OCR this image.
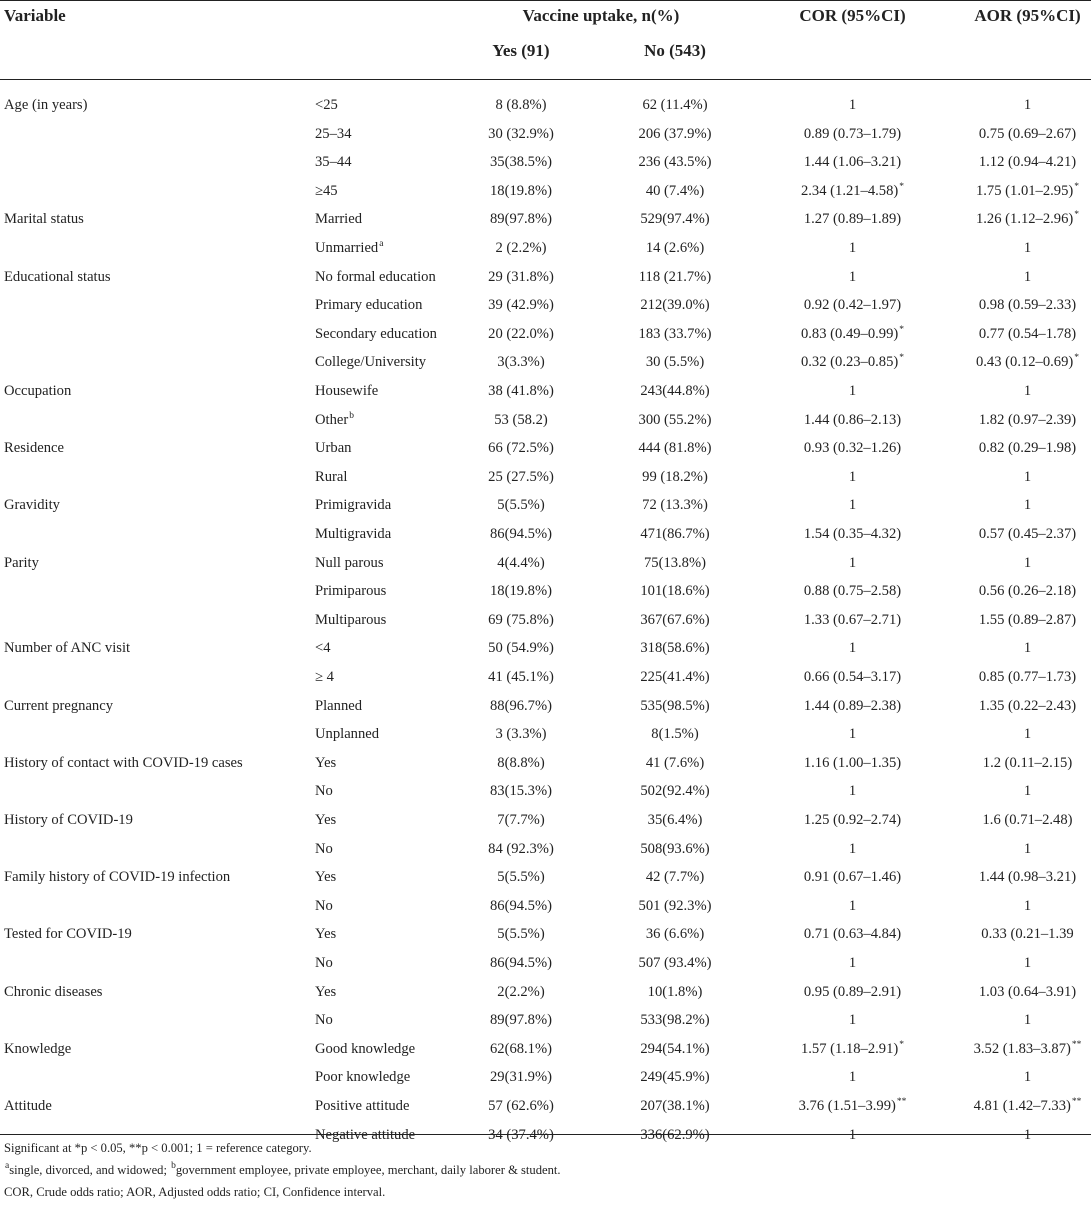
Variable	Vaccine uptake, n(%)	COR (95%CI)	AOR (95%CI)
Yes (91)	No (543)
Age (in years)	<25	8 (8.8%)	62 (11.4%)	1	1
25–34	30 (32.9%)	206 (37.9%)	0.89 (0.73–1.79)	0.75 (0.69–2.67)
35–44	35(38.5%)	236 (43.5%)	1.44 (1.06–3.21)	1.12 (0.94–4.21)
≥45	18(19.8%)	40 (7.4%)	2.34 (1.21–4.58)*	1.75 (1.01–2.95)*
Marital status	Married	89(97.8%)	529(97.4%)	1.27 (0.89–1.89)	1.26 (1.12–2.96)*
Unmarried$^a$	2 (2.2%)	14 (2.6%)	1	1
Educational status	No formal education	29 (31.8%)	118 (21.7%)	1	1
Primary education	39 (42.9%)	212(39.0%)	0.92 (0.42–1.97)	0.98 (0.59–2.33)
Secondary education	20 (22.0%)	183 (33.7%)	0.83 (0.49–0.99)*	0.77 (0.54–1.78)
College/University	3(3.3%)	30 (5.5%)	0.32 (0.23–0.85)*	0.43 (0.12–0.69)*
Occupation	Housewife	38 (41.8%)	243(44.8%)	1	1
Other$^b$	53 (58.2)	300 (55.2%)	1.44 (0.86–2.13)	1.82 (0.97–2.39)
Residence	Urban	66 (72.5%)	444 (81.8%)	0.93 (0.32–1.26)	0.82 (0.29–1.98)
Rural	25 (27.5%)	99 (18.2%)	1	1
Gravidity	Primigravida	5(5.5%)	72 (13.3%)	1	1
Multigravida	86(94.5%)	471(86.7%)	1.54 (0.35–4.32)	0.57 (0.45–2.37)
Parity	Null parous	4(4.4%)	75(13.8%)	1	1
Primiparous	18(19.8%)	101(18.6%)	0.88 (0.75–2.58)	0.56 (0.26–2.18)
Multiparous	69 (75.8%)	367(67.6%)	1.33 (0.67–2.71)	1.55 (0.89–2.87)
Number of ANC visit	<4	50 (54.9%)	318(58.6%)	1	1
≥ 4	41 (45.1%)	225(41.4%)	0.66 (0.54–3.17)	0.85 (0.77–1.73)
Current pregnancy	Planned	88(96.7%)	535(98.5%)	1.44 (0.89–2.38)	1.35 (0.22–2.43)
Unplanned	3 (3.3%)	8(1.5%)	1	1
History of contact with COVID-19 cases	Yes	8(8.8%)	41 (7.6%)	1.16 (1.00–1.35)	1.2 (0.11–2.15)
No	83(15.3%)	502(92.4%)	1	1
History of COVID-19	Yes	7(7.7%)	35(6.4%)	1.25 (0.92–2.74)	1.6 (0.71–2.48)
No	84 (92.3%)	508(93.6%)	1	1
Family history of COVID-19 infection	Yes	5(5.5%)	42 (7.7%)	0.91 (0.67–1.46)	1.44 (0.98–3.21)
No	86(94.5%)	501 (92.3%)	1	1
Tested for COVID-19	Yes	5(5.5%)	36 (6.6%)	0.71 (0.63–4.84)	0.33 (0.21–1.39
No	86(94.5%)	507 (93.4%)	1	1
Chronic diseases	Yes	2(2.2%)	10(1.8%)	0.95 (0.89–2.91)	1.03 (0.64–3.91)
No	89(97.8%)	533(98.2%)	1	1
Knowledge	Good knowledge	62(68.1%)	294(54.1%)	1.57 (1.18–2.91)*	3.52 (1.83–3.87)**
Poor knowledge	29(31.9%)	249(45.9%)	1	1
Attitude	Positive attitude	57 (62.6%)	207(38.1%)	3.76 (1.51–3.99)**	4.81 (1.42–7.33)**
Negative attitude	34 (37.4%)	336(62.9%)	1	1
Significant at *p < 0.05, **p < 0.001; 1 = reference category.
$^a$single, divorced, and widowed; $^b$government employee, private employee, merchant, daily laborer & student.
COR, Crude odds ratio; AOR, Adjusted odds ratio; CI, Confidence interval.
